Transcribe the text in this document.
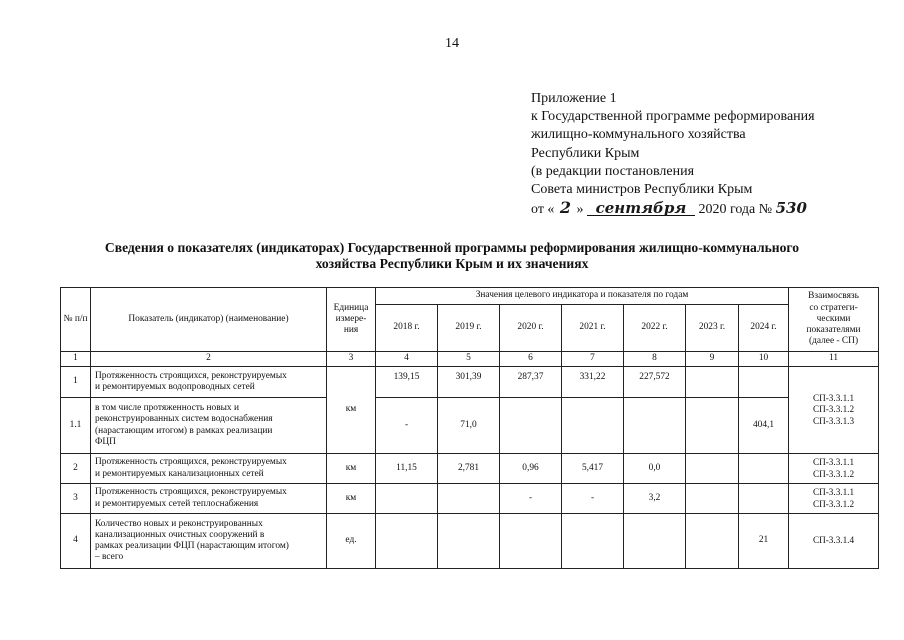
14
Приложение 1
к Государственной программе реформирования
жилищно-коммунального хозяйства
Республики Крым
(в редакции постановления
Совета министров Республики Крым
от « 2 » сентября 2020 года № 530
Сведения о показателях (индикаторах) Государственной программы реформирования жилищно-коммунального
хозяйства Республики Крым и их значениях
№ п/п	Показатель (индикатор) (наименование)	Единица измере-ния	Значения целевого индикатора и показателя по годам							Взаимосвязь
со стратеги-
ческими
показателями
(далее - СП)

			2018 г.	2019 г.	2020 г.	2021 г.	2022 г.	2023 г.	2024 г.	
1	2	3	4	5	6	7	8	9	10	11
1	Протяженность строящихся, реконструируемых
и ремонтируемых водопроводных сетей	км	139,15	301,39	287,37	331,22	227,572			СП-3.3.1.1
СП-3.3.1.2
СП-3.3.1.3

1.1	в том числе протяженность новых и
реконструированных систем водоснабжения
(нарастающим итогом) в рамках реализации
ФЦП		-	71,0					404,1	
2	Протяженность строящихся, реконструируемых
и ремонтируемых канализационных сетей	км	11,15	2,781	0,96	5,417	0,0			СП-3.3.1.1
СП-3.3.1.2

3	Протяженность строящихся, реконструируемых
и ремонтируемых сетей теплоснабжения	км			-	-	3,2			СП-3.3.1.1
СП-3.3.1.2

4	Количество новых и реконструированных
канализационных очистных сооружений в
рамках реализации ФЦП (нарастающим итогом)
– всего	ед.							21	СП-3.3.1.4
